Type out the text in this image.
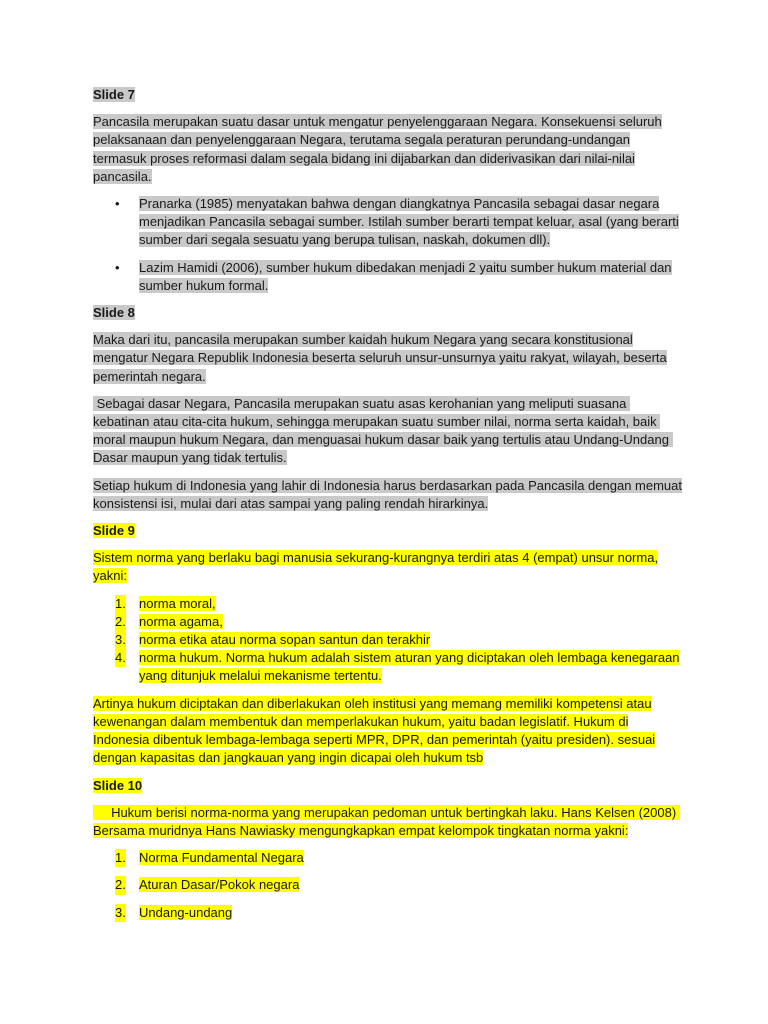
Slide 7
Pancasila merupakan suatu dasar untuk mengatur penyelenggaraan Negara. Konsekuensi seluruh pelaksanaan dan penyelenggaraan Negara, terutama segala peraturan perundang-undangan termasuk proses reformasi dalam segala bidang ini dijabarkan dan diderivasikan dari nilai-nilai pancasila.
• Pranarka (1985) menyatakan bahwa dengan diangkatnya Pancasila sebagai dasar negara menjadikan Pancasila sebagai sumber. Istilah sumber berarti tempat keluar, asal (yang berarti sumber dari segala sesuatu yang berupa tulisan, naskah, dokumen dll).
• Lazim Hamidi (2006), sumber hukum dibedakan menjadi 2 yaitu sumber hukum material dan sumber hukum formal.
Slide 8
Maka dari itu, pancasila merupakan sumber kaidah hukum Negara yang secara konstitusional mengatur Negara Republik Indonesia beserta seluruh unsur-unsurnya yaitu rakyat, wilayah, beserta pemerintah negara.
Sebagai dasar Negara, Pancasila merupakan suatu asas kerohanian yang meliputi suasana kebatinan atau cita-cita hukum, sehingga merupakan suatu sumber nilai, norma serta kaidah, baik moral maupun hukum Negara, dan menguasai hukum dasar baik yang tertulis atau Undang-Undang Dasar maupun yang tidak tertulis.
Setiap hukum di Indonesia yang lahir di Indonesia harus berdasarkan pada Pancasila dengan memuat konsistensi isi, mulai dari atas sampai yang paling rendah hirarkinya.
Slide 9
Sistem norma yang berlaku bagi manusia sekurang-kurangnya terdiri atas 4 (empat) unsur norma, yakni:
1. norma moral,
2. norma agama,
3. norma etika atau norma sopan santun dan terakhir
4. norma hukum. Norma hukum adalah sistem aturan yang diciptakan oleh lembaga kenegaraan yang ditunjuk melalui mekanisme tertentu.
Artinya hukum diciptakan dan diberlakukan oleh institusi yang memang memiliki kompetensi atau kewenangan dalam membentuk dan memperlakukan hukum, yaitu badan legislatif. Hukum di Indonesia dibentuk lembaga-lembaga seperti MPR, DPR, dan pemerintah (yaitu presiden). sesuai dengan kapasitas dan jangkauan yang ingin dicapai oleh hukum tsb
Slide 10
Hukum berisi norma-norma yang merupakan pedoman untuk bertingkah laku. Hans Kelsen (2008) Bersama muridnya Hans Nawiasky mengungkapkan empat kelompok tingkatan norma yakni:
1. Norma Fundamental Negara
2. Aturan Dasar/Pokok negara
3. Undang-undang
